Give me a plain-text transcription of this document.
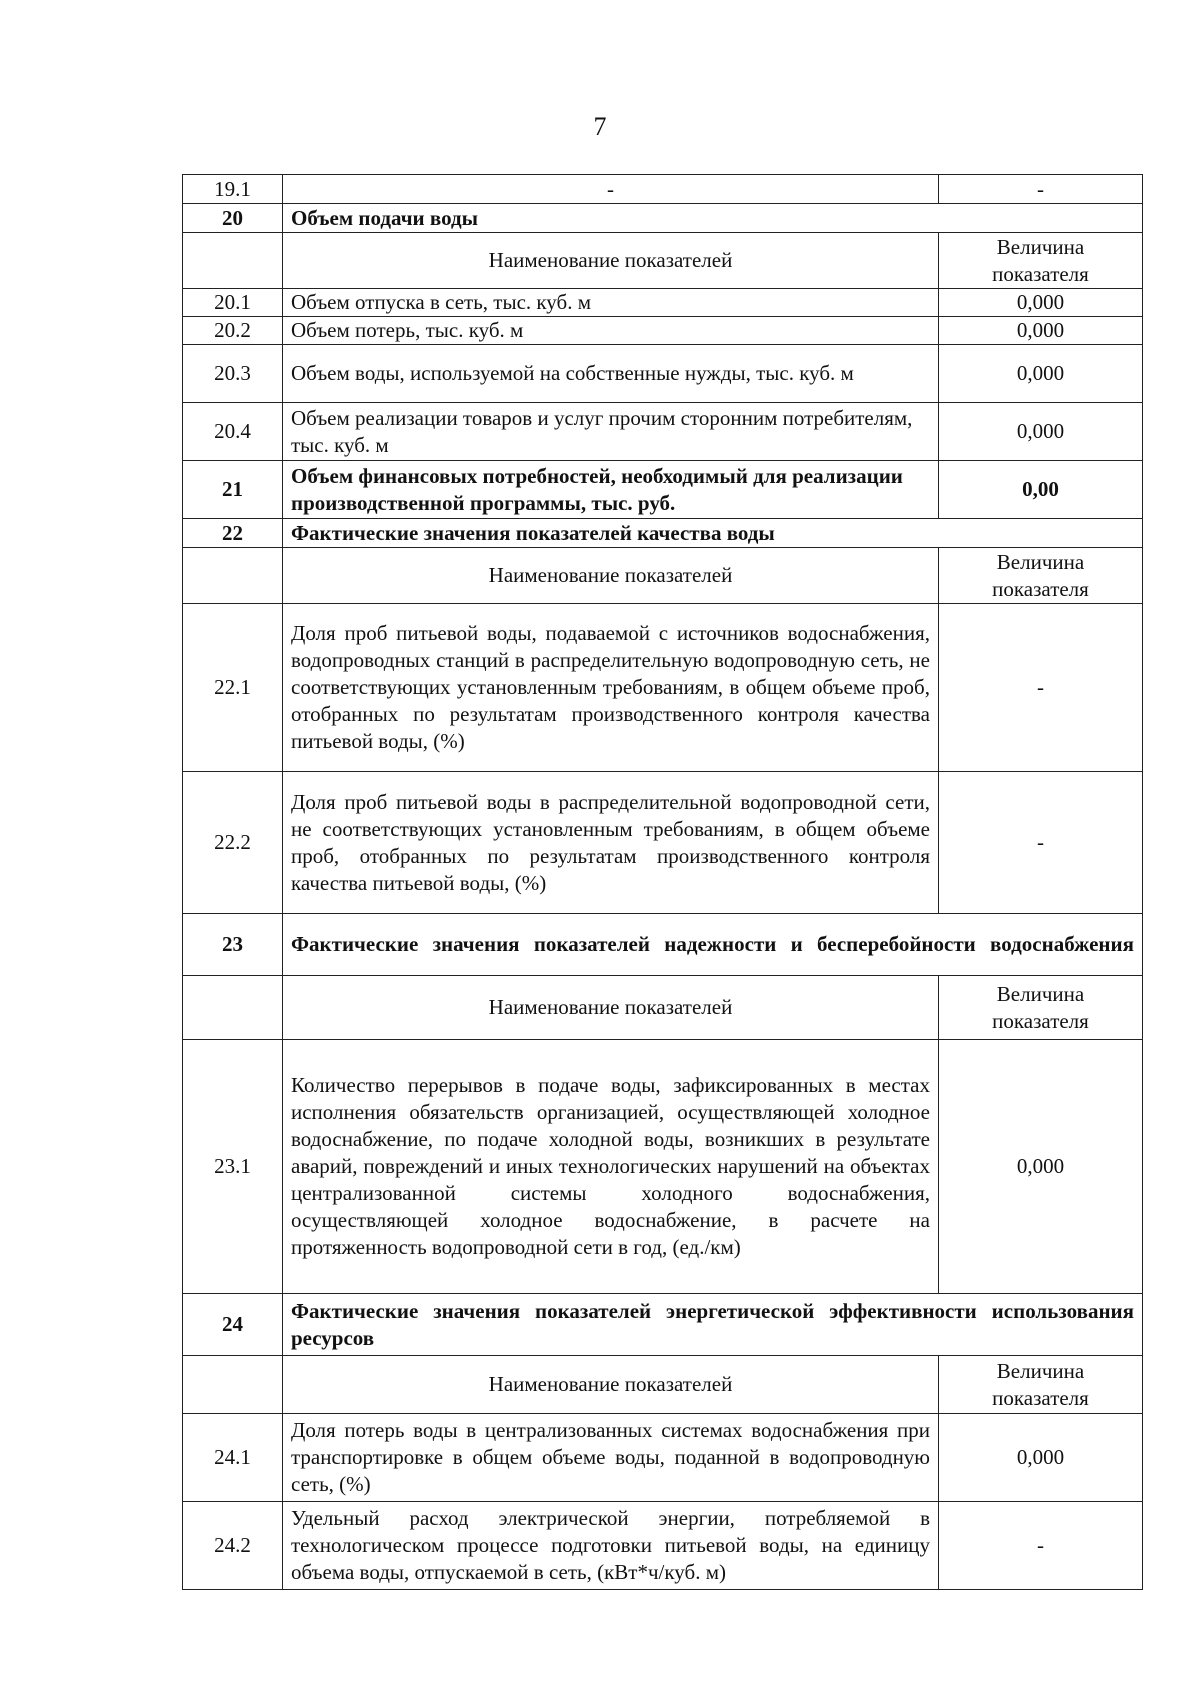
7
19.1	-	-
20	Объем подачи воды	
	Наименование показателей	Величина показателя
20.1	Объем отпуска в сеть, тыс. куб. м	0,000
20.2	Объем потерь, тыс. куб. м	0,000
20.3	Объем воды, используемой на собственные нужды, тыс. куб. м	0,000
20.4	Объем реализации товаров и услуг прочим сторонним потребителям, тыс. куб. м	0,000
21	Объем финансовых потребностей, необходимый для реализации производственной программы, тыс. руб.	0,00
22	Фактические значения показателей качества воды	
	Наименование показателей	Величина показателя
22.1	Доля проб питьевой воды, подаваемой с источников водоснабжения, водопроводных станций в распределительную водопроводную сеть, не соответствующих установленным требованиям, в общем объеме проб, отобранных по результатам производственного контроля качества питьевой воды, (%)	-
22.2	Доля проб питьевой воды в распределительной водопроводной сети, не соответствующих установленным требованиям, в общем объеме проб, отобранных по результатам производственного контроля качества питьевой воды, (%)	-
23	Фактические значения показателей надежности и бесперебойности водоснабжения	
	Наименование показателей	Величина показателя
23.1	Количество перерывов в подаче воды, зафиксированных в местах исполнения обязательств организацией, осуществляющей холодное водоснабжение, по подаче холодной воды, возникших в результате аварий, повреждений и иных технологических нарушений на объектах централизованной системы холодного водоснабжения, осуществляющей холодное водоснабжение, в расчете на протяженность водопроводной сети в год, (ед./км)	0,000
24	Фактические значения показателей энергетической эффективности использования ресурсов	
	Наименование показателей	Величина показателя
24.1	Доля потерь воды в централизованных системах водоснабжения при транспортировке в общем объеме воды, поданной в водопроводную сеть, (%)	0,000
24.2	Удельный расход электрической энергии, потребляемой в технологическом процессе подготовки питьевой воды, на единицу объема воды, отпускаемой в сеть, (кВт*ч/куб. м)	-
